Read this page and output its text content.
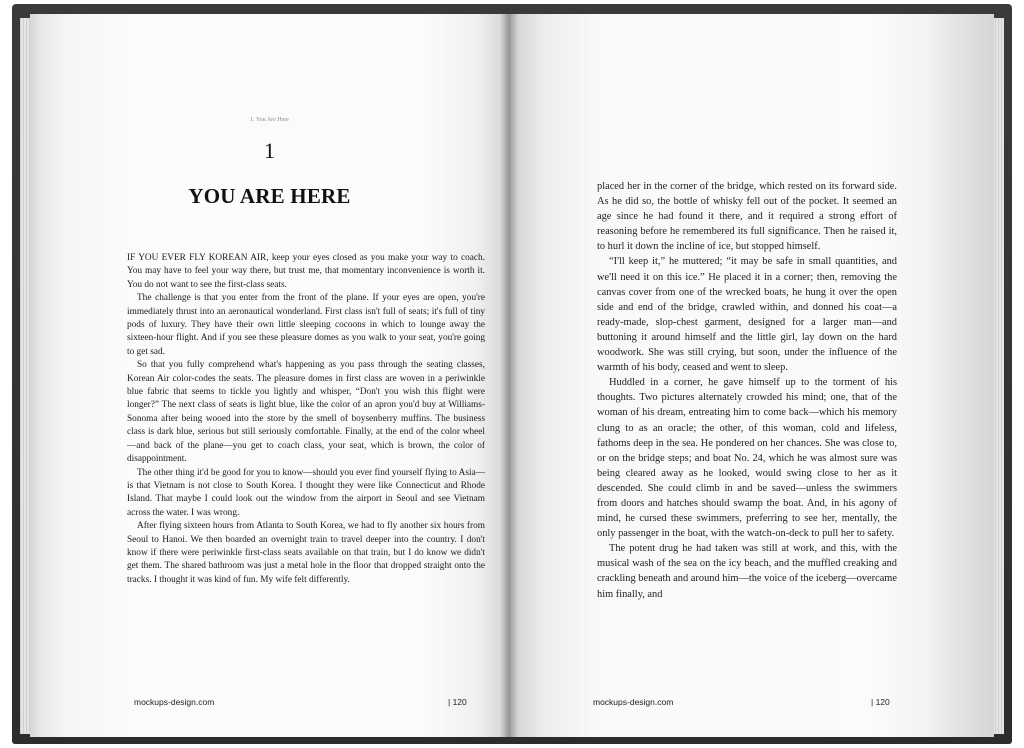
1. You Are Here
1
YOU ARE HERE

IF YOU EVER FLY KOREAN AIR, keep your eyes closed as you make your way to coach. You may have to feel your way there, but trust me, that momentary inconvenience is worth it. You do not want to see the first-class seats.

The challenge is that you enter from the front of the plane. If your eyes are open, you're immediately thrust into an aeronautical wonderland. First class isn't full of seats; it's full of tiny pods of luxury. They have their own little sleeping cocoons in which to lounge away the sixteen-hour flight. And if you see these pleasure domes as you walk to your seat, you're going to get sad.

So that you fully comprehend what's happening as you pass through the seating classes, Korean Air color-codes the seats. The pleasure domes in first class are woven in a periwinkle blue fabric that seems to tickle you lightly and whisper, “Don't you wish this flight were longer?” The next class of seats is light blue, like the color of an apron you'd buy at Williams-Sonoma after being wooed into the store by the smell of boysenberry muffins. The business class is dark blue, serious but still seriously comfortable. Finally, at the end of the color wheel—and back of the plane—you get to coach class, your seat, which is brown, the color of disappointment.

The other thing it'd be good for you to know—should you ever find yourself flying to Asia—is that Vietnam is not close to South Korea. I thought they were like Connecticut and Rhode Island. That maybe I could look out the window from the airport in Seoul and see Vietnam across the water. I was wrong.

After flying sixteen hours from Atlanta to South Korea, we had to fly another six hours from Seoul to Hanoi. We then boarded an overnight train to travel deeper into the country. I don't know if there were periwinkle first-class seats available on that train, but I do know we didn't get them. The shared bathroom was just a metal hole in the floor that dropped straight onto the tracks. I thought it was kind of fun. My wife felt differently.

mockups-design.com	| 120

placed her in the corner of the bridge, which rested on its forward side. As he did so, the bottle of whisky fell out of the pocket. It seemed an age since he had found it there, and it required a strong effort of reasoning before he remembered its full significance. Then he raised it, to hurl it down the incline of ice, but stopped himself.

“I'll keep it,” he muttered; “it may be safe in small quantities, and we'll need it on this ice.” He placed it in a corner; then, removing the canvas cover from one of the wrecked boats, he hung it over the open side and end of the bridge, crawled within, and donned his coat—a ready-made, slop-chest garment, designed for a larger man—and buttoning it around himself and the little girl, lay down on the hard woodwork. She was still crying, but soon, under the influence of the warmth of his body, ceased and went to sleep.

Huddled in a corner, he gave himself up to the torment of his thoughts. Two pictures alternately crowded his mind; one, that of the woman of his dream, entreating him to come back—which his memory clung to as an oracle; the other, of this woman, cold and lifeless, fathoms deep in the sea. He pondered on her chances. She was close to, or on the bridge steps; and boat No. 24, which he was almost sure was being cleared away as he looked, would swing close to her as it descended. She could climb in and be saved—unless the swimmers from doors and hatches should swamp the boat. And, in his agony of mind, he cursed these swimmers, preferring to see her, mentally, the only passenger in the boat, with the watch-on-deck to pull her to safety.

The potent drug he had taken was still at work, and this, with the musical wash of the sea on the icy beach, and the muffled creaking and crackling beneath and around him—the voice of the iceberg—overcame him finally, and

mockups-design.com	| 120
